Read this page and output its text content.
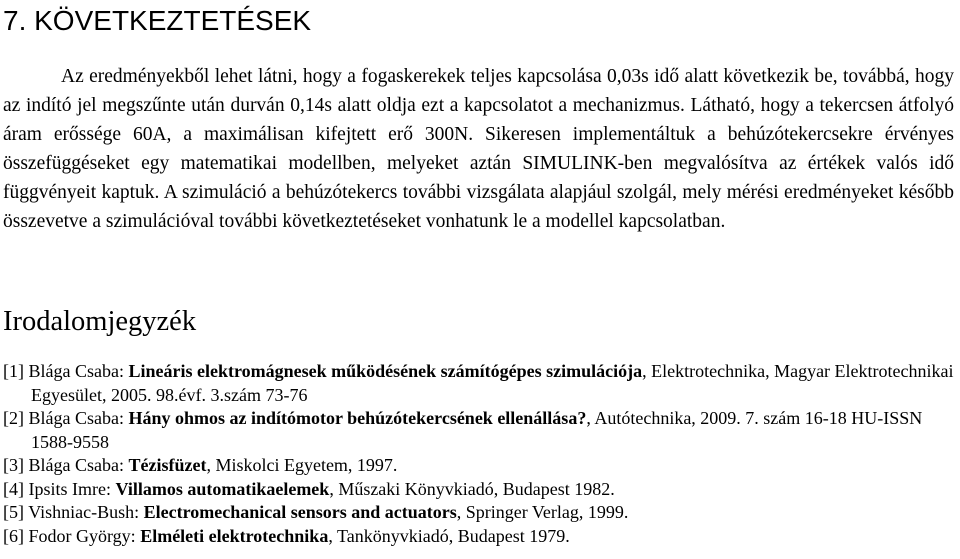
7. KÖVETKEZTETÉSEK

Az eredményekből lehet látni, hogy a fogaskerekek teljes kapcsolása 0,03s idő alatt következik be, továbbá, hogy az indító jel megszűnte után durván 0,14s alatt oldja ezt a kapcsolatot a mechanizmus. Látható, hogy a tekercsen átfolyó áram erőssége 60A, a maximálisan kifejtett erő 300N. Sikeresen implementáltuk a behúzótekercsekre érvényes összefüggéseket egy matematikai modellben, melyeket aztán SIMULINK-ben megvalósítva az értékek valós idő függvényeit kaptuk. A szimuláció a behúzótekercs további vizsgálata alapjául szolgál, mely mérési eredményeket később összevetve a szimulációval további következtetéseket vonhatunk le a modellel kapcsolatban.

Irodalomjegyzék
[1] Blága Csaba: Lineáris elektromágnesek működésének számítógépes szimulációja, Elektrotechnika, Magyar Elektrotechnikai Egyesület, 2005. 98.évf. 3.szám 73-76
[2] Blága Csaba: Hány ohmos az indítómotor behúzótekercsének ellenállása?, Autótechnika, 2009. 7. szám 16-18 HU-ISSN 1588-9558
[3] Blága Csaba: Tézisfüzet, Miskolci Egyetem, 1997.
[4] Ipsits Imre: Villamos automatikaelemek, Műszaki Könyvkiadó, Budapest 1982.
[5] Vishniac-Bush: Electromechanical sensors and actuators, Springer Verlag, 1999.
[6] Fodor György: Elméleti elektrotechnika, Tankönyvkiadó, Budapest 1979.
